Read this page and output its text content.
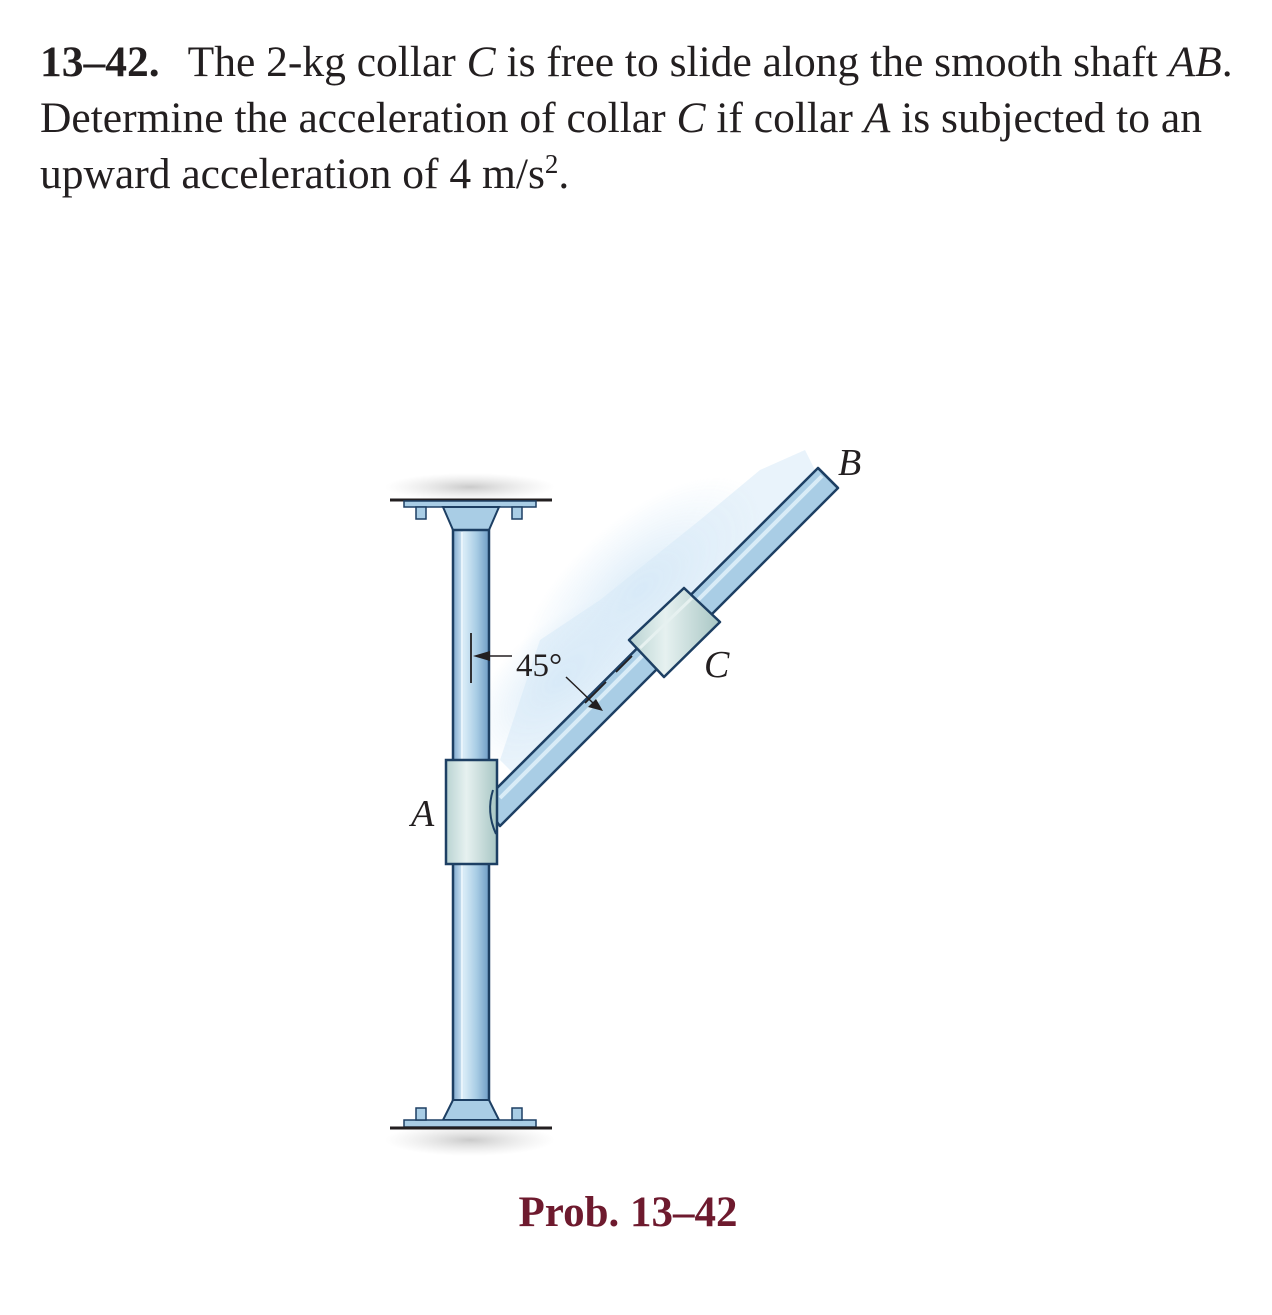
13–42. The 2-kg collar C is free to slide along the smooth shaft AB. Determine the acceleration of collar C if collar A is subjected to an upward acceleration of 4 $m/s^2$.
A
B
C
45°
Prob. 13–42
